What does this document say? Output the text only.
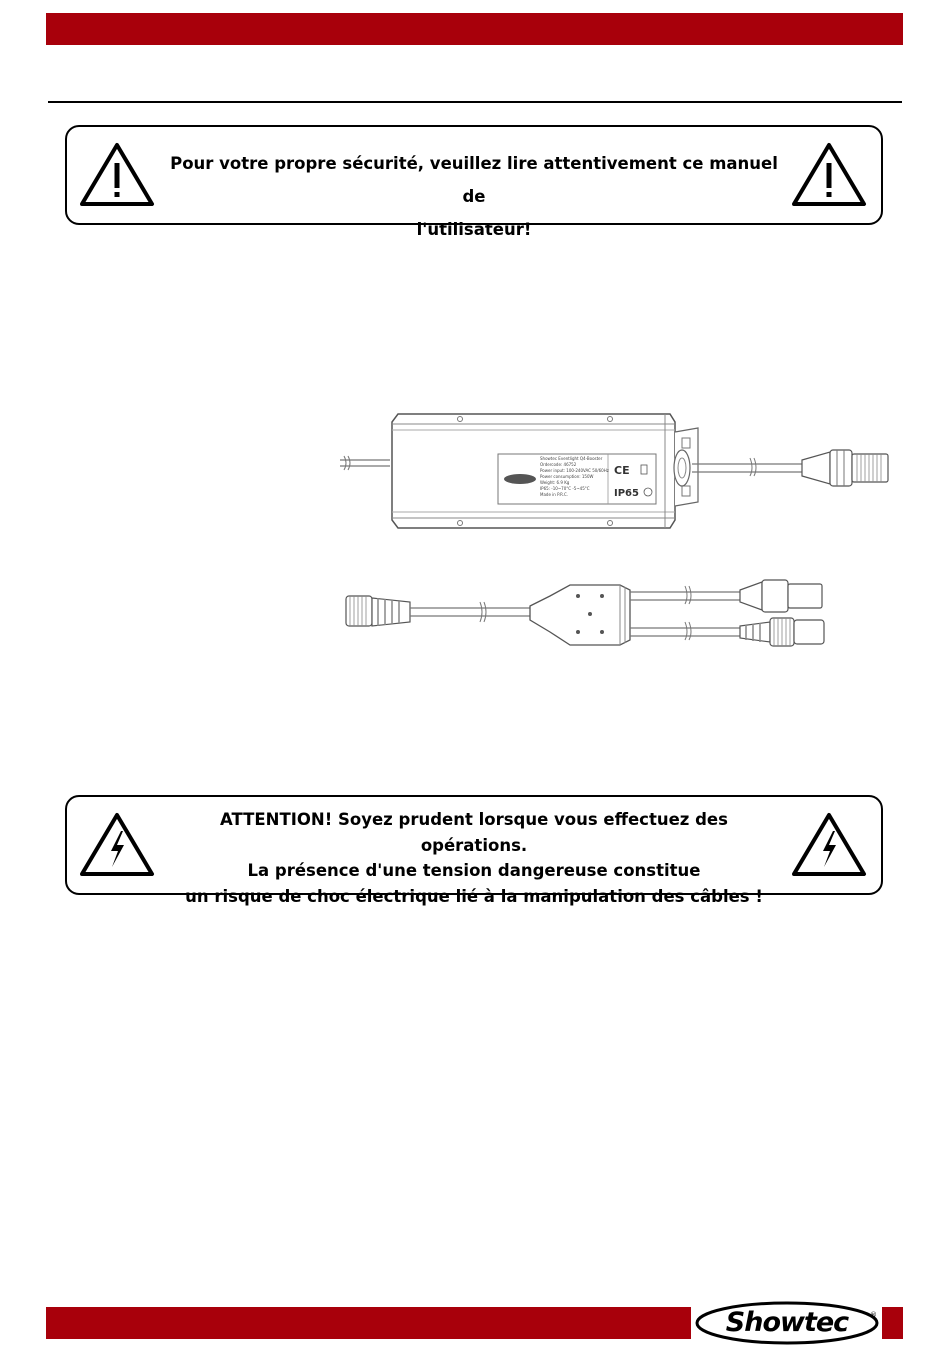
Pour votre propre sécurité, veuillez lire attentivement ce manuel de
l'utilisateur!
Showtec Eventlight Q4-Booster
Ordercode: 46752
Power input: 100-240VAC 50/60Hz
Power consumption: 150W
Weight: 6.9 Kg
IP65: -10~70°C -5~45°C
Made in P.R.C.
CE
IP65
ATTENTION! Soyez prudent lorsque vous effectuez des opérations.
La présence d'une tension dangereuse constitue
un risque de choc électrique lié à la manipulation des câbles !
Showtec	®
